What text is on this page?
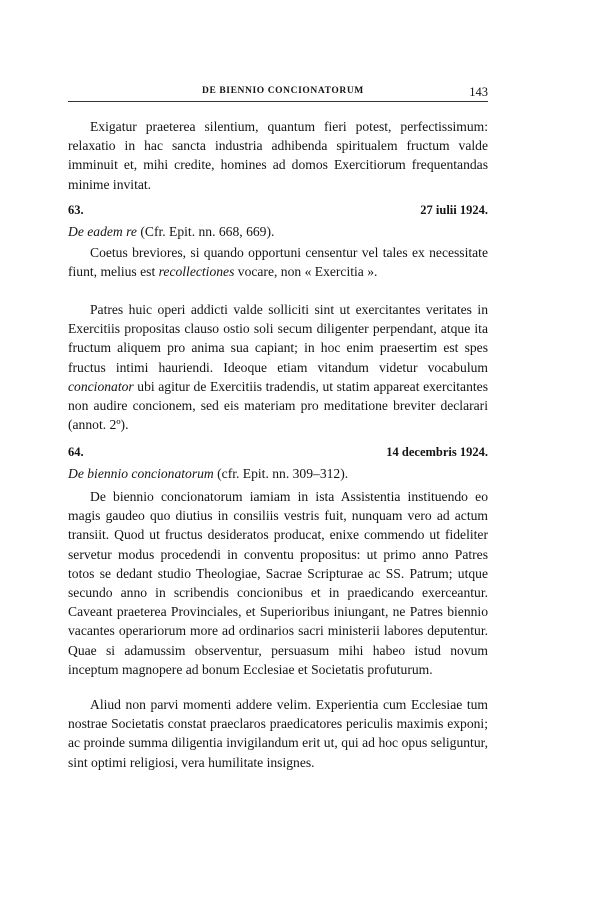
DE BIENNIO CONCIONATORUM	143

Exigatur praeterea silentium, quantum fieri potest, perfectissimum: relaxatio in hac sancta industria adhibenda spiritualem fructum valde imminuit et, mihi credite, homines ad domos Exercitiorum frequentandas minime invitat.

63.	27 iulii 1924.
De eadem re (Cfr. Epit. nn. 668, 669).

Coetus breviores, si quando opportuni censentur vel tales ex necessitate fiunt, melius est recollectiones vocare, non « Exercitia ».

Patres huic operi addicti valde solliciti sint ut exercitantes veritates in Exercitiis propositas clauso ostio soli secum diligenter perpendant, atque ita fructum aliquem pro anima sua capiant; in hoc enim praesertim est spes fructus intimi hauriendi. Ideoque etiam vitandum videtur vocabulum concionator ubi agitur de Exercitiis tradendis, ut statim appareat exercitantes non audire concionem, sed eis materiam pro meditatione breviter declarari (annot. 2º).

64.	14 decembris 1924.
De biennio concionatorum (cfr. Epit. nn. 309–312).

De biennio concionatorum iamiam in ista Assistentia instituendo eo magis gaudeo quo diutius in consiliis vestris fuit, nunquam vero ad actum transiit. Quod ut fructus desideratos producat, enixe commendo ut fideliter servetur modus procedendi in conventu propositus: ut primo anno Patres totos se dedant studio Theologiae, Sacrae Scripturae ac SS. Patrum; utque secundo anno in scribendis concionibus et in praedicando exerceantur. Caveant praeterea Provinciales, et Superioribus iniungant, ne Patres biennio vacantes operariorum more ad ordinarios sacri ministerii labores deputentur. Quae si adamussim observentur, persuasum mihi habeo istud novum inceptum magnopere ad bonum Ecclesiae et Societatis profuturum.

Aliud non parvi momenti addere velim. Experientia cum Ecclesiae tum nostrae Societatis constat praeclaros praedicatores periculis maximis exponi; ac proinde summa diligentia invigilandum erit ut, qui ad hoc opus seliguntur, sint optimi religiosi, vera humilitate insignes.
